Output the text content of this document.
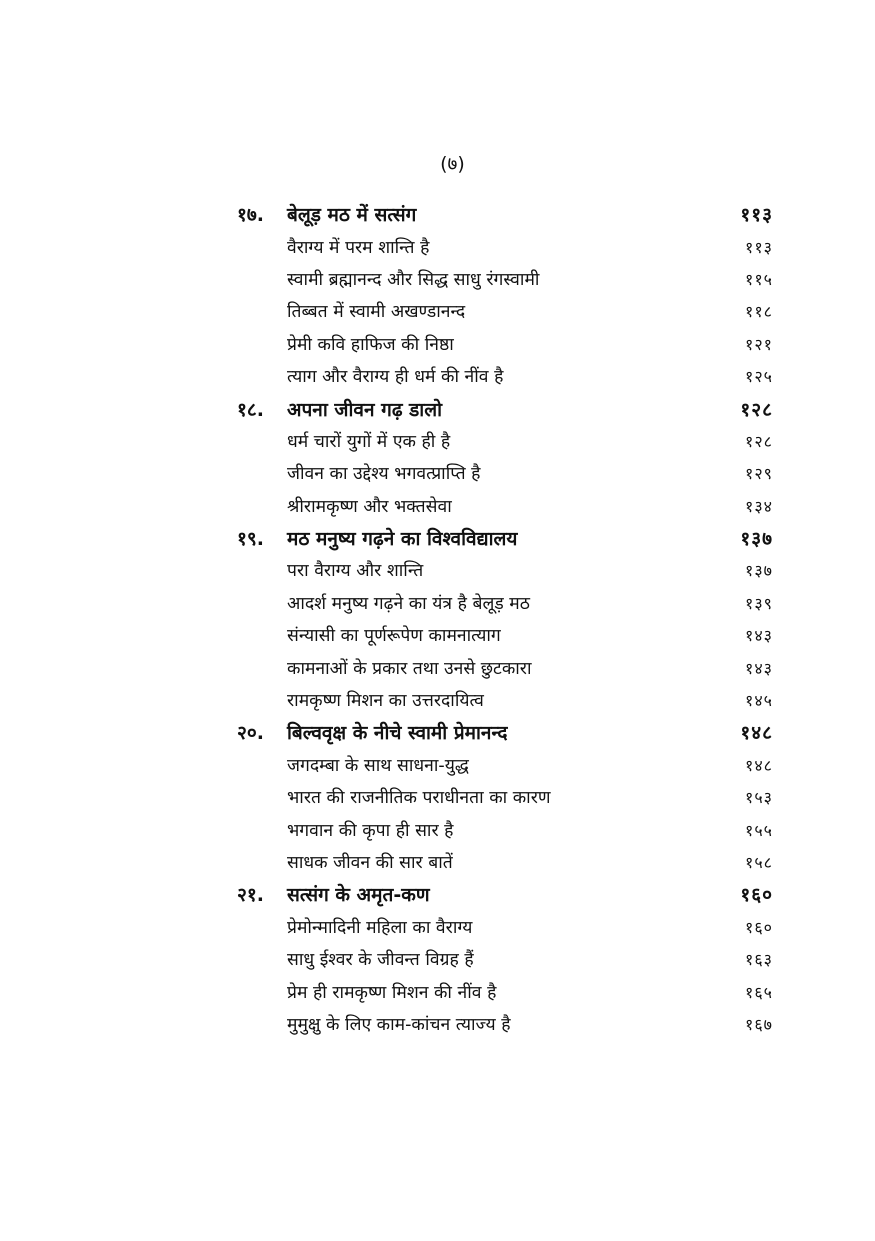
(७)
१७. बेलूड़ मठ में सत्संग	११३
वैराग्य में परम शान्ति है	११३
स्वामी ब्रह्मानन्द और सिद्ध साधु रंगस्वामी	११५
तिब्बत में स्वामी अखण्डानन्द	११८
प्रेमी कवि हाफिज की निष्ठा	१२१
त्याग और वैराग्य ही धर्म की नींव है	१२५
१८. अपना जीवन गढ़ डालो	१२८
धर्म चारों युगों में एक ही है	१२८
जीवन का उद्देश्य भगवत्प्राप्ति है	१२९
श्रीरामकृष्ण और भक्तसेवा	१३४
१९. मठ मनुष्य गढ़ने का विश्वविद्यालय	१३७
परा वैराग्य और शान्ति	१३७
आदर्श मनुष्य गढ़ने का यंत्र है बेलूड़ मठ	१३९
संन्यासी का पूर्णरूपेण कामनात्याग	१४३
कामनाओं के प्रकार तथा उनसे छुटकारा	१४३
रामकृष्ण मिशन का उत्तरदायित्व	१४५
२०. बिल्ववृक्ष के नीचे स्वामी प्रेमानन्द	१४८
जगदम्बा के साथ साधना-युद्ध	१४८
भारत की राजनीतिक पराधीनता का कारण	१५३
भगवान की कृपा ही सार है	१५५
साधक जीवन की सार बातें	१५८
२१. सत्संग के अमृत-कण	१६०
प्रेमोन्मादिनी महिला का वैराग्य	१६०
साधु ईश्वर के जीवन्त विग्रह हैं	१६३
प्रेम ही रामकृष्ण मिशन की नींव है	१६५
मुमुक्षु के लिए काम-कांचन त्याज्य है	१६७
